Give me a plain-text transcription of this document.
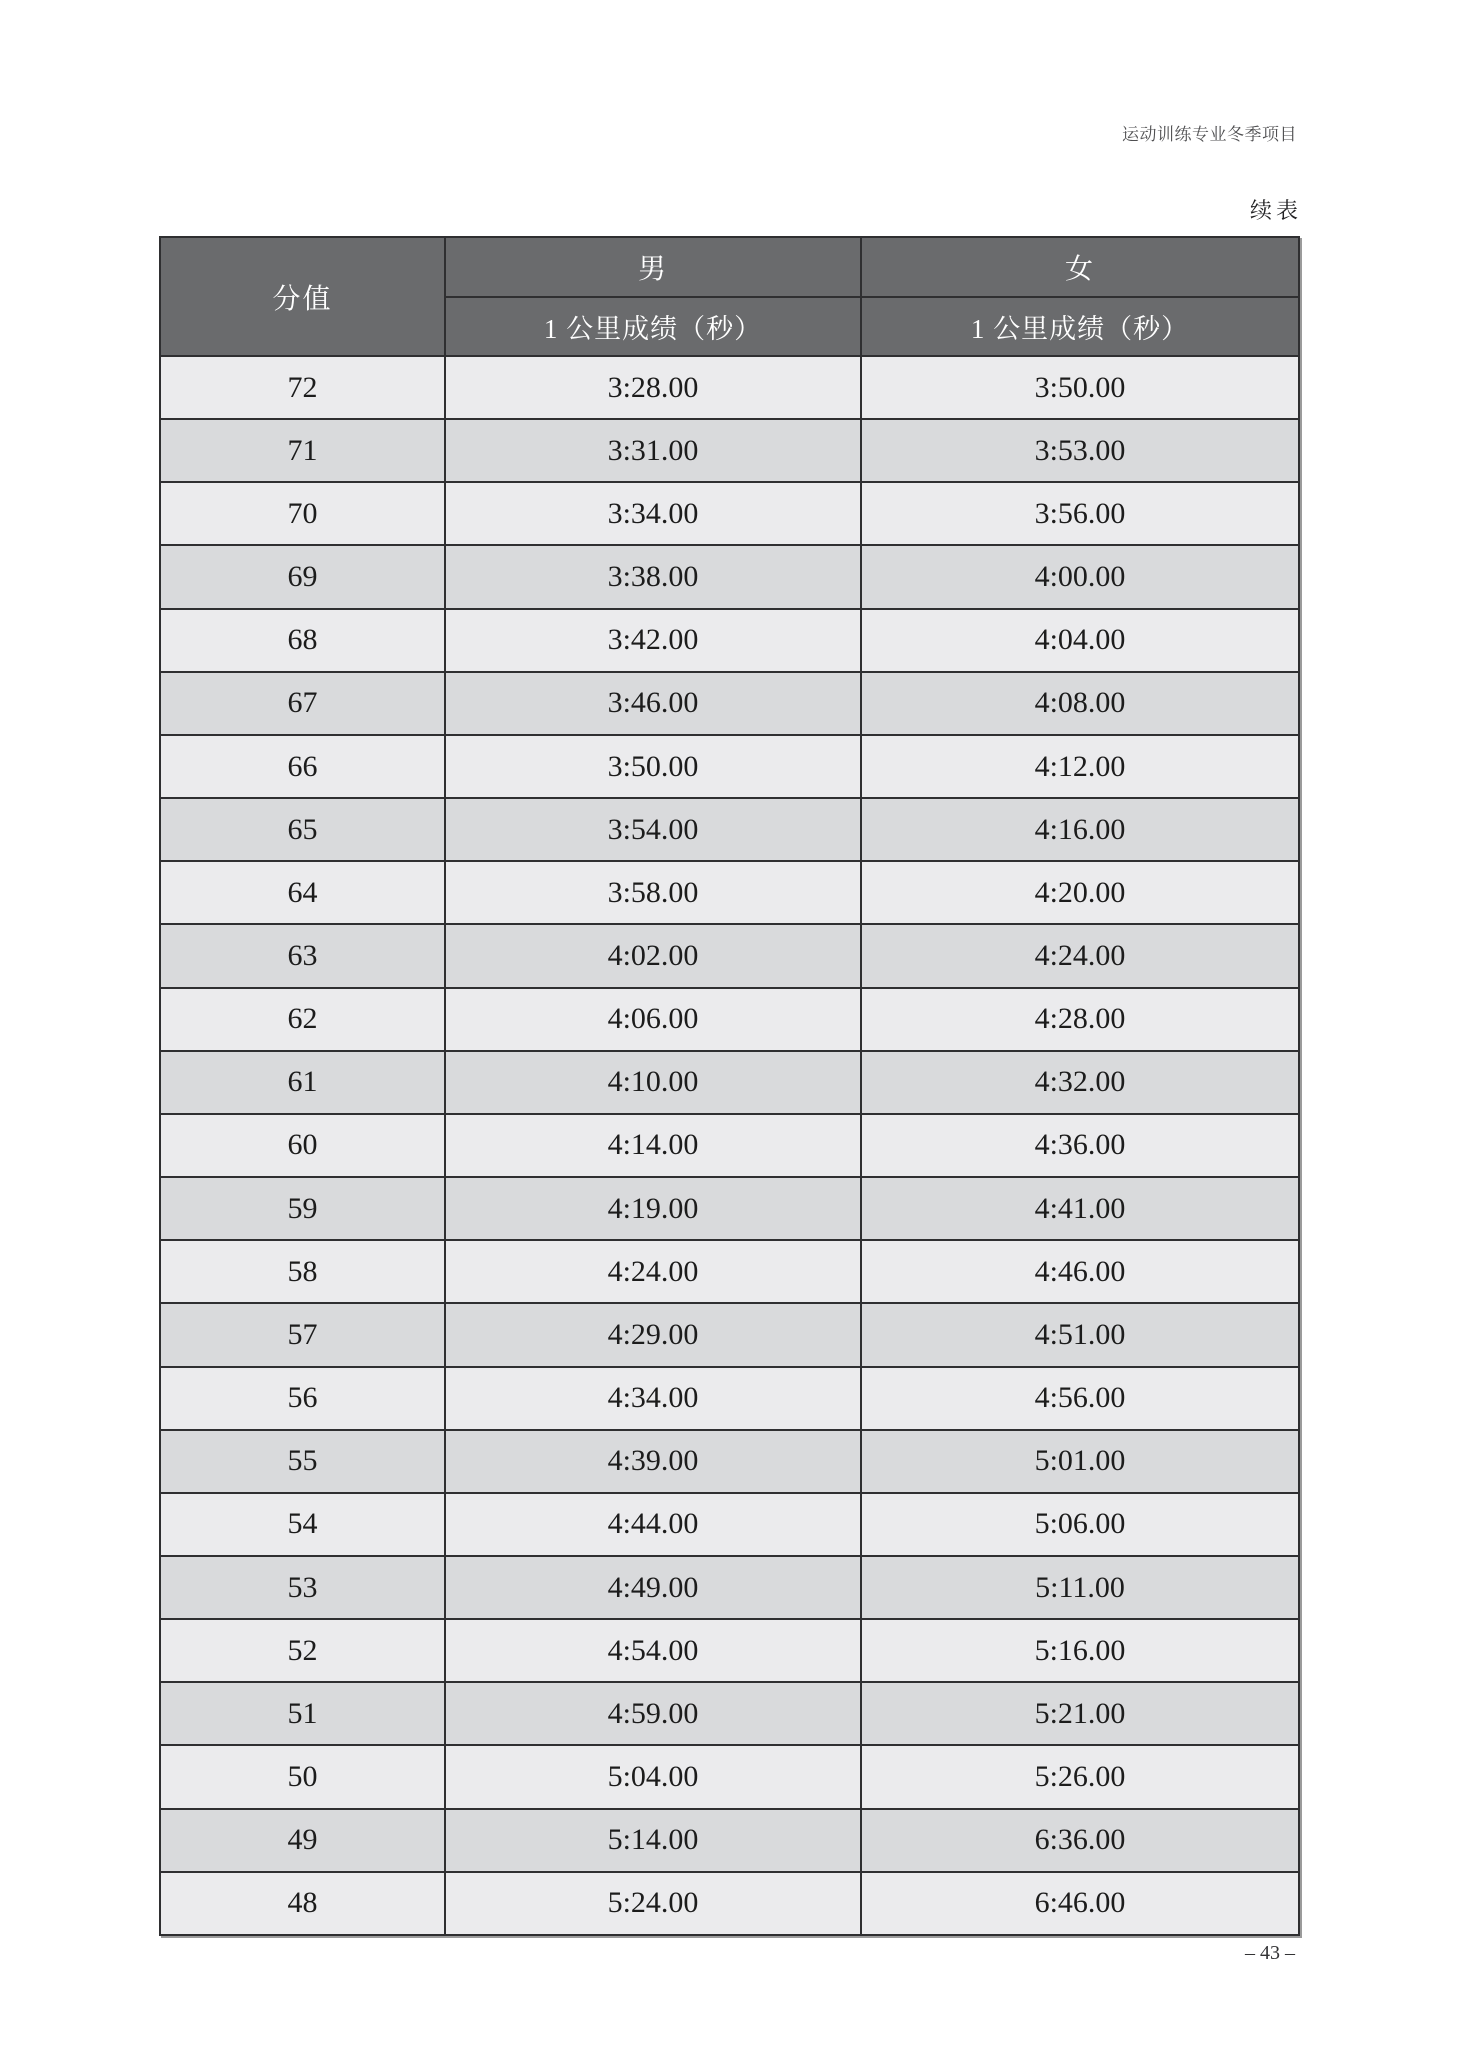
运动训练专业冬季项目
续表
分值	男	女
	1 公里成绩（秒）	1 公里成绩（秒）
72	3:28.00	3:50.00
71	3:31.00	3:53.00
70	3:34.00	3:56.00
69	3:38.00	4:00.00
68	3:42.00	4:04.00
67	3:46.00	4:08.00
66	3:50.00	4:12.00
65	3:54.00	4:16.00
64	3:58.00	4:20.00
63	4:02.00	4:24.00
62	4:06.00	4:28.00
61	4:10.00	4:32.00
60	4:14.00	4:36.00
59	4:19.00	4:41.00
58	4:24.00	4:46.00
57	4:29.00	4:51.00
56	4:34.00	4:56.00
55	4:39.00	5:01.00
54	4:44.00	5:06.00
53	4:49.00	5:11.00
52	4:54.00	5:16.00
51	4:59.00	5:21.00
50	5:04.00	5:26.00
49	5:14.00	6:36.00
48	5:24.00	6:46.00
– 43 –
